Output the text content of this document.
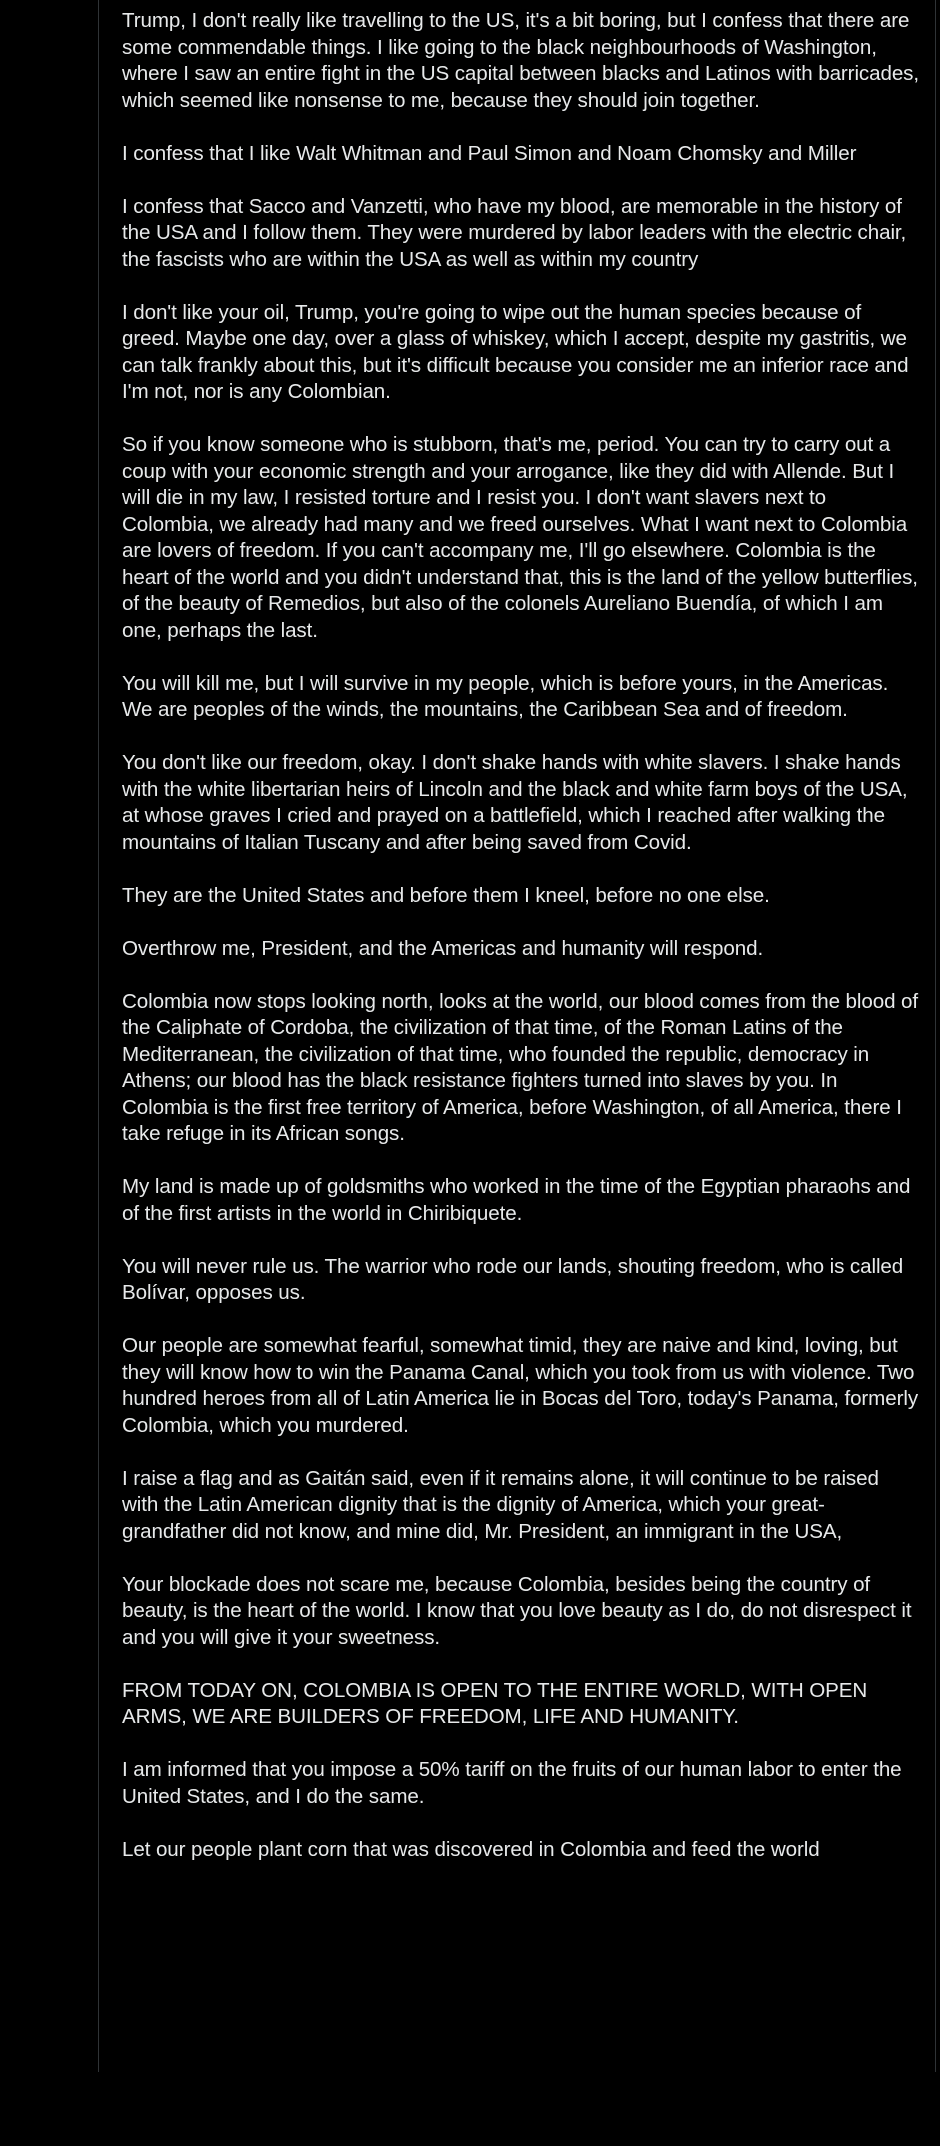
Trump, I don't really like travelling to the US, it's a bit boring, but I confess that there are some commendable things. I like going to the black neighbourhoods of Washington, where I saw an entire fight in the US capital between blacks and Latinos with barricades, which seemed like nonsense to me, because they should join together.

I confess that I like Walt Whitman and Paul Simon and Noam Chomsky and Miller

I confess that Sacco and Vanzetti, who have my blood, are memorable in the history of the USA and I follow them. They were murdered by labor leaders with the electric chair, the fascists who are within the USA as well as within my country

I don't like your oil, Trump, you're going to wipe out the human species because of greed. Maybe one day, over a glass of whiskey, which I accept, despite my gastritis, we can talk frankly about this, but it's difficult because you consider me an inferior race and I'm not, nor is any Colombian.

So if you know someone who is stubborn, that's me, period. You can try to carry out a coup with your economic strength and your arrogance, like they did with Allende. But I will die in my law, I resisted torture and I resist you. I don't want slavers next to Colombia, we already had many and we freed ourselves. What I want next to Colombia are lovers of freedom. If you can't accompany me, I'll go elsewhere. Colombia is the heart of the world and you didn't understand that, this is the land of the yellow butterflies, of the beauty of Remedios, but also of the colonels Aureliano Buendía, of which I am one, perhaps the last.

You will kill me, but I will survive in my people, which is before yours, in the Americas. We are peoples of the winds, the mountains, the Caribbean Sea and of freedom.

You don't like our freedom, okay. I don't shake hands with white slavers. I shake hands with the white libertarian heirs of Lincoln and the black and white farm boys of the USA, at whose graves I cried and prayed on a battlefield, which I reached after walking the mountains of Italian Tuscany and after being saved from Covid.

They are the United States and before them I kneel, before no one else.

Overthrow me, President, and the Americas and humanity will respond.

Colombia now stops looking north, looks at the world, our blood comes from the blood of the Caliphate of Cordoba, the civilization of that time, of the Roman Latins of the Mediterranean, the civilization of that time, who founded the republic, democracy in Athens; our blood has the black resistance fighters turned into slaves by you. In Colombia is the first free territory of America, before Washington, of all America, there I take refuge in its African songs.

My land is made up of goldsmiths who worked in the time of the Egyptian pharaohs and of the first artists in the world in Chiribiquete.

You will never rule us. The warrior who rode our lands, shouting freedom, who is called Bolívar, opposes us.

Our people are somewhat fearful, somewhat timid, they are naive and kind, loving, but they will know how to win the Panama Canal, which you took from us with violence. Two hundred heroes from all of Latin America lie in Bocas del Toro, today's Panama, formerly Colombia, which you murdered.

I raise a flag and as Gaitán said, even if it remains alone, it will continue to be raised with the Latin American dignity that is the dignity of America, which your great-grandfather did not know, and mine did, Mr. President, an immigrant in the USA,

Your blockade does not scare me, because Colombia, besides being the country of beauty, is the heart of the world. I know that you love beauty as I do, do not disrespect it and you will give it your sweetness.

FROM TODAY ON, COLOMBIA IS OPEN TO THE ENTIRE WORLD, WITH OPEN ARMS, WE ARE BUILDERS OF FREEDOM, LIFE AND HUMANITY.

I am informed that you impose a 50% tariff on the fruits of our human labor to enter the United States, and I do the same.

Let our people plant corn that was discovered in Colombia and feed the world
